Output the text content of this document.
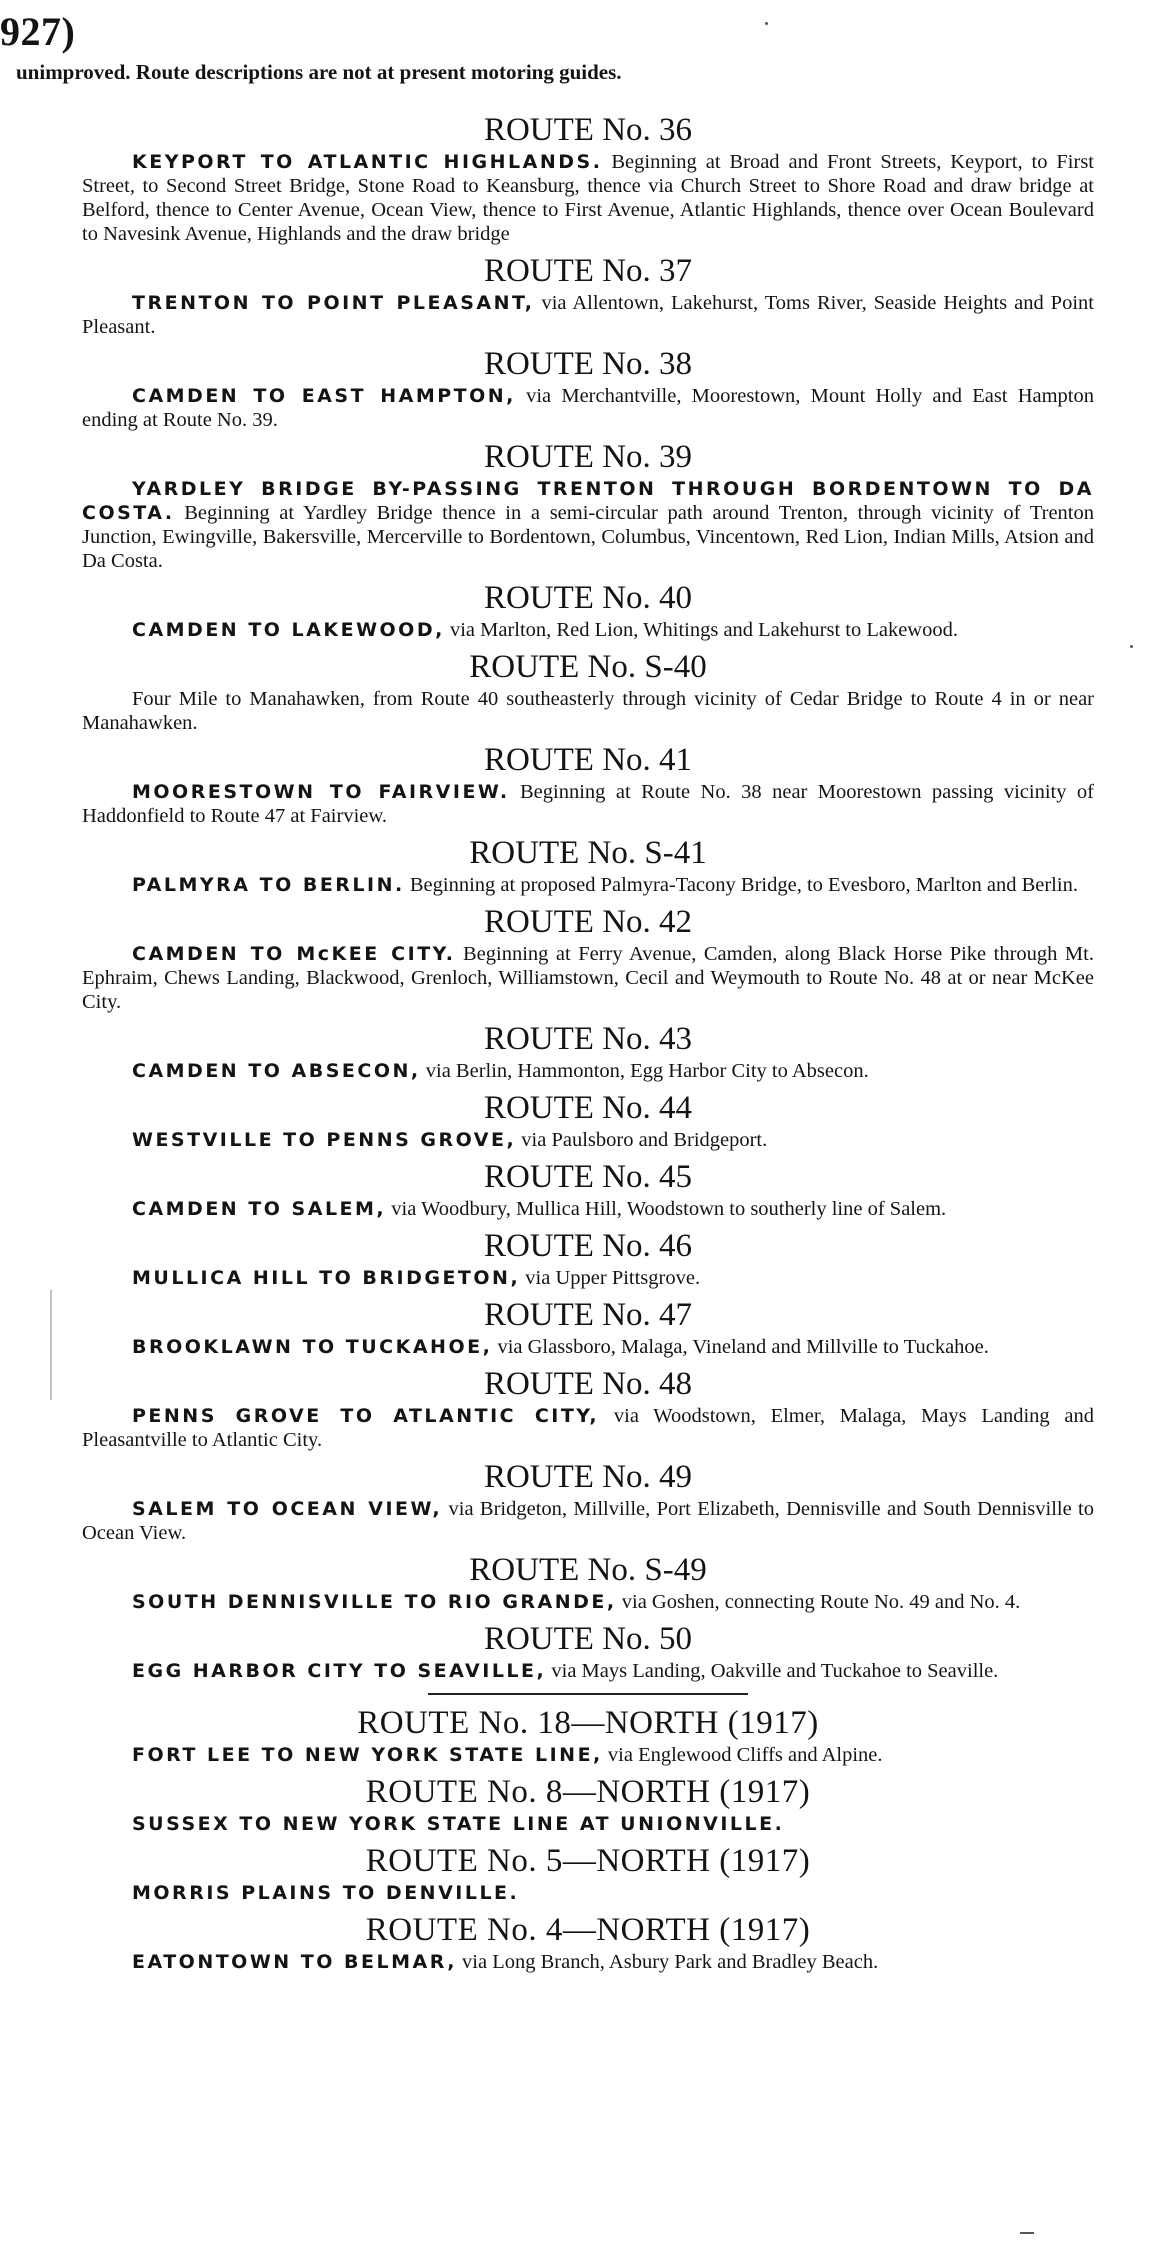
927)
unimproved. Route descriptions are not at present motoring guides.
ROUTE No. 36

KEYPORT TO ATLANTIC HIGHLANDS. Beginning at Broad and Front Streets, Keyport, to First Street, to Second Street Bridge, Stone Road to Keansburg, thence via Church Street to Shore Road and draw bridge at Belford, thence to Center Avenue, Ocean View, thence to First Avenue, Atlantic Highlands, thence over Ocean Boulevard to Navesink Avenue, Highlands and the draw bridge

ROUTE No. 37

TRENTON TO POINT PLEASANT, via Allentown, Lakehurst, Toms River, Seaside Heights and Point Pleasant.

ROUTE No. 38

CAMDEN TO EAST HAMPTON, via Merchantville, Moorestown, Mount Holly and East Hampton ending at Route No. 39.

ROUTE No. 39

YARDLEY BRIDGE BY-PASSING TRENTON THROUGH BORDENTOWN TO DA COSTA. Beginning at Yardley Bridge thence in a semi-circular path around Trenton, through vicinity of Trenton Junction, Ewingville, Bakersville, Mercerville to Bordentown, Columbus, Vincentown, Red Lion, Indian Mills, Atsion and Da Costa.

ROUTE No. 40

CAMDEN TO LAKEWOOD, via Marlton, Red Lion, Whitings and Lakehurst to Lakewood.

ROUTE No. S-40

Four Mile to Manahawken, from Route 40 southeasterly through vicinity of Cedar Bridge to Route 4 in or near Manahawken.

ROUTE No. 41

MOORESTOWN TO FAIRVIEW. Beginning at Route No. 38 near Moorestown passing vicinity of Haddonfield to Route 47 at Fairview.

ROUTE No. S-41

PALMYRA TO BERLIN. Beginning at proposed Palmyra-Tacony Bridge, to Evesboro, Marlton and Berlin.

ROUTE No. 42

CAMDEN TO McKEE CITY. Beginning at Ferry Avenue, Camden, along Black Horse Pike through Mt. Ephraim, Chews Landing, Blackwood, Grenloch, Williamstown, Cecil and Weymouth to Route No. 48 at or near McKee City.

ROUTE No. 43

CAMDEN TO ABSECON, via Berlin, Hammonton, Egg Harbor City to Absecon.

ROUTE No. 44

WESTVILLE TO PENNS GROVE, via Paulsboro and Bridgeport.

ROUTE No. 45

CAMDEN TO SALEM, via Woodbury, Mullica Hill, Woodstown to southerly line of Salem.

ROUTE No. 46

MULLICA HILL TO BRIDGETON, via Upper Pittsgrove.

ROUTE No. 47

BROOKLAWN TO TUCKAHOE, via Glassboro, Malaga, Vineland and Millville to Tuckahoe.

ROUTE No. 48

PENNS GROVE TO ATLANTIC CITY, via Woodstown, Elmer, Malaga, Mays Landing and Pleasantville to Atlantic City.

ROUTE No. 49

SALEM TO OCEAN VIEW, via Bridgeton, Millville, Port Elizabeth, Dennisville and South Dennisville to Ocean View.

ROUTE No. S-49

SOUTH DENNISVILLE TO RIO GRANDE, via Goshen, connecting Route No. 49 and No. 4.

ROUTE No. 50

EGG HARBOR CITY TO SEAVILLE, via Mays Landing, Oakville and Tuckahoe to Seaville.

ROUTE No. 18—NORTH (1917)

FORT LEE TO NEW YORK STATE LINE, via Englewood Cliffs and Alpine.

ROUTE No. 8—NORTH (1917)

SUSSEX TO NEW YORK STATE LINE AT UNIONVILLE.

ROUTE No. 5—NORTH (1917)

MORRIS PLAINS TO DENVILLE.

ROUTE No. 4—NORTH (1917)

EATONTOWN TO BELMAR, via Long Branch, Asbury Park and Bradley Beach.
